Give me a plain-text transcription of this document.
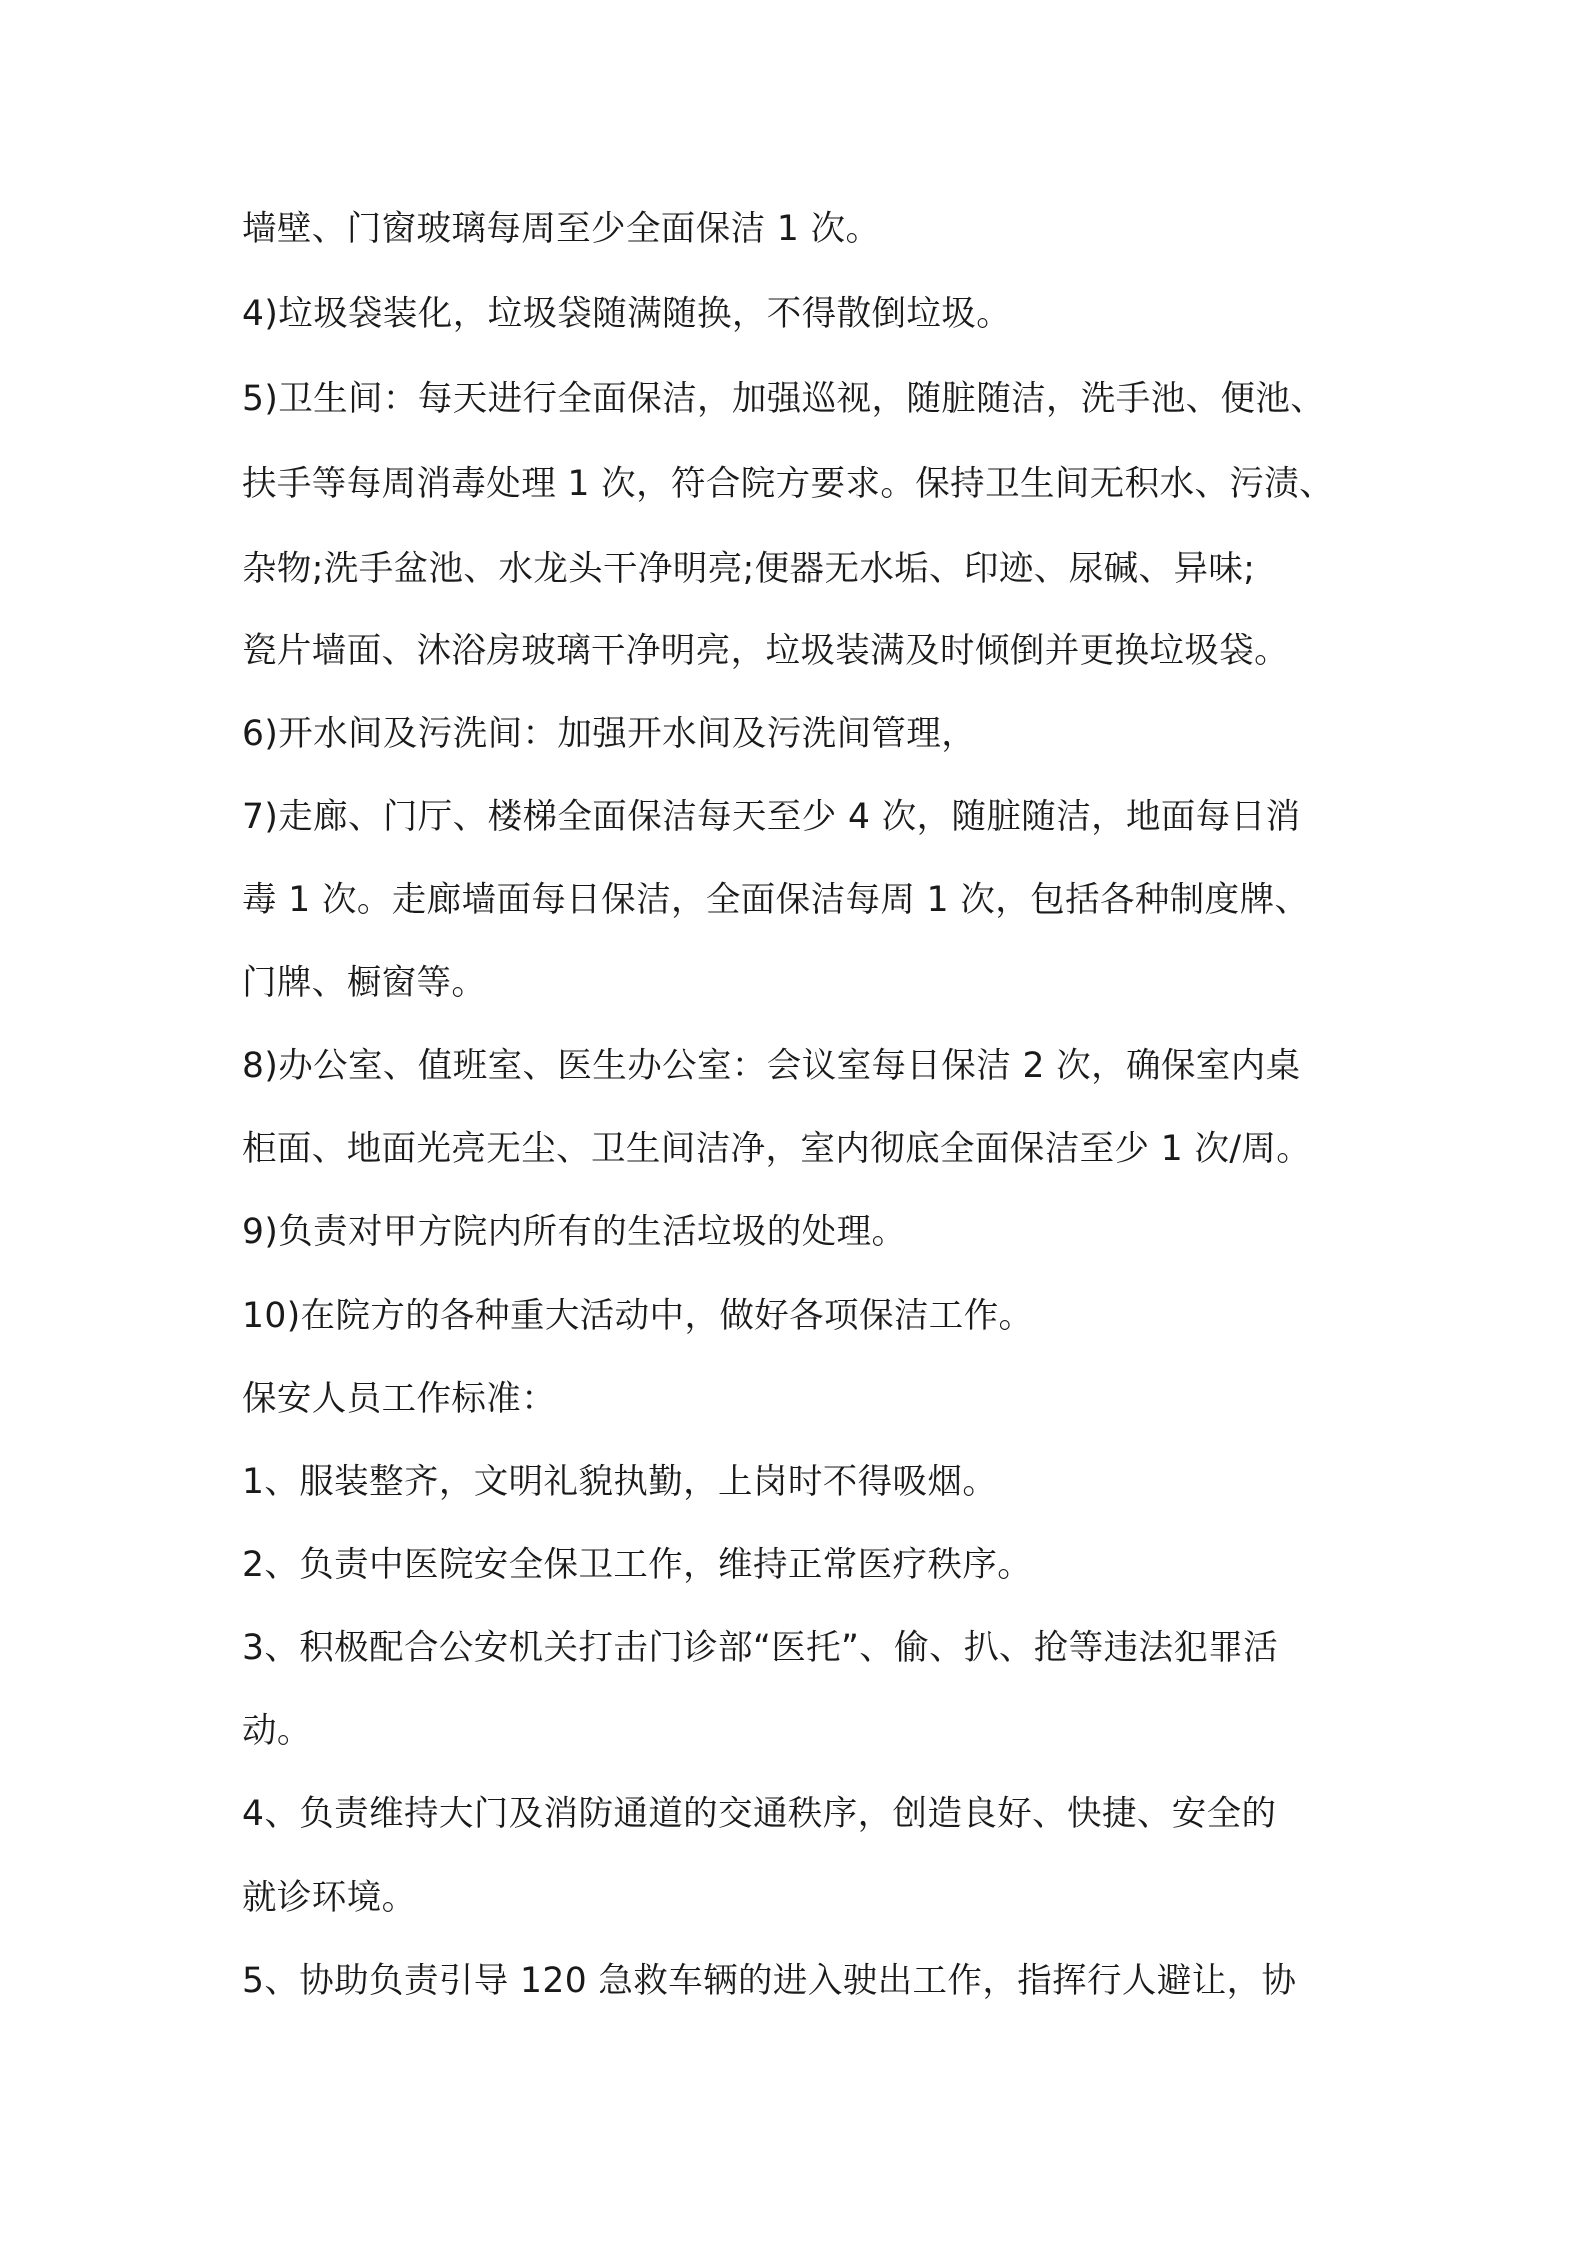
墙壁、门窗玻璃每周至少全面保洁 1 次。
4)垃圾袋装化，垃圾袋随满随换，不得散倒垃圾。
5)卫生间：每天进行全面保洁，加强巡视，随脏随洁，洗手池、便池、
扶手等每周消毒处理 1 次，符合院方要求。保持卫生间无积水、污渍、
杂物;洗手盆池、水龙头干净明亮;便器无水垢、印迹、尿碱、异味;
瓷片墙面、沐浴房玻璃干净明亮，垃圾装满及时倾倒并更换垃圾袋。
6)开水间及污洗间：加强开水间及污洗间管理，
7)走廊、门厅、楼梯全面保洁每天至少 4 次，随脏随洁，地面每日消
毒 1 次。走廊墙面每日保洁，全面保洁每周 1 次，包括各种制度牌、
门牌、橱窗等。
8)办公室、值班室、医生办公室：会议室每日保洁 2 次，确保室内桌
柜面、地面光亮无尘、卫生间洁净，室内彻底全面保洁至少 1 次/周。
9)负责对甲方院内所有的生活垃圾的处理。
10)在院方的各种重大活动中，做好各项保洁工作。
保安人员工作标准：
1、服装整齐，文明礼貌执勤，上岗时不得吸烟。
2、负责中医院安全保卫工作，维持正常医疗秩序。
3、积极配合公安机关打击门诊部“医托”、偷、扒、抢等违法犯罪活
动。
4、负责维持大门及消防通道的交通秩序，创造良好、快捷、安全的
就诊环境。
5、协助负责引导 120 急救车辆的进入驶出工作，指挥行人避让，协
